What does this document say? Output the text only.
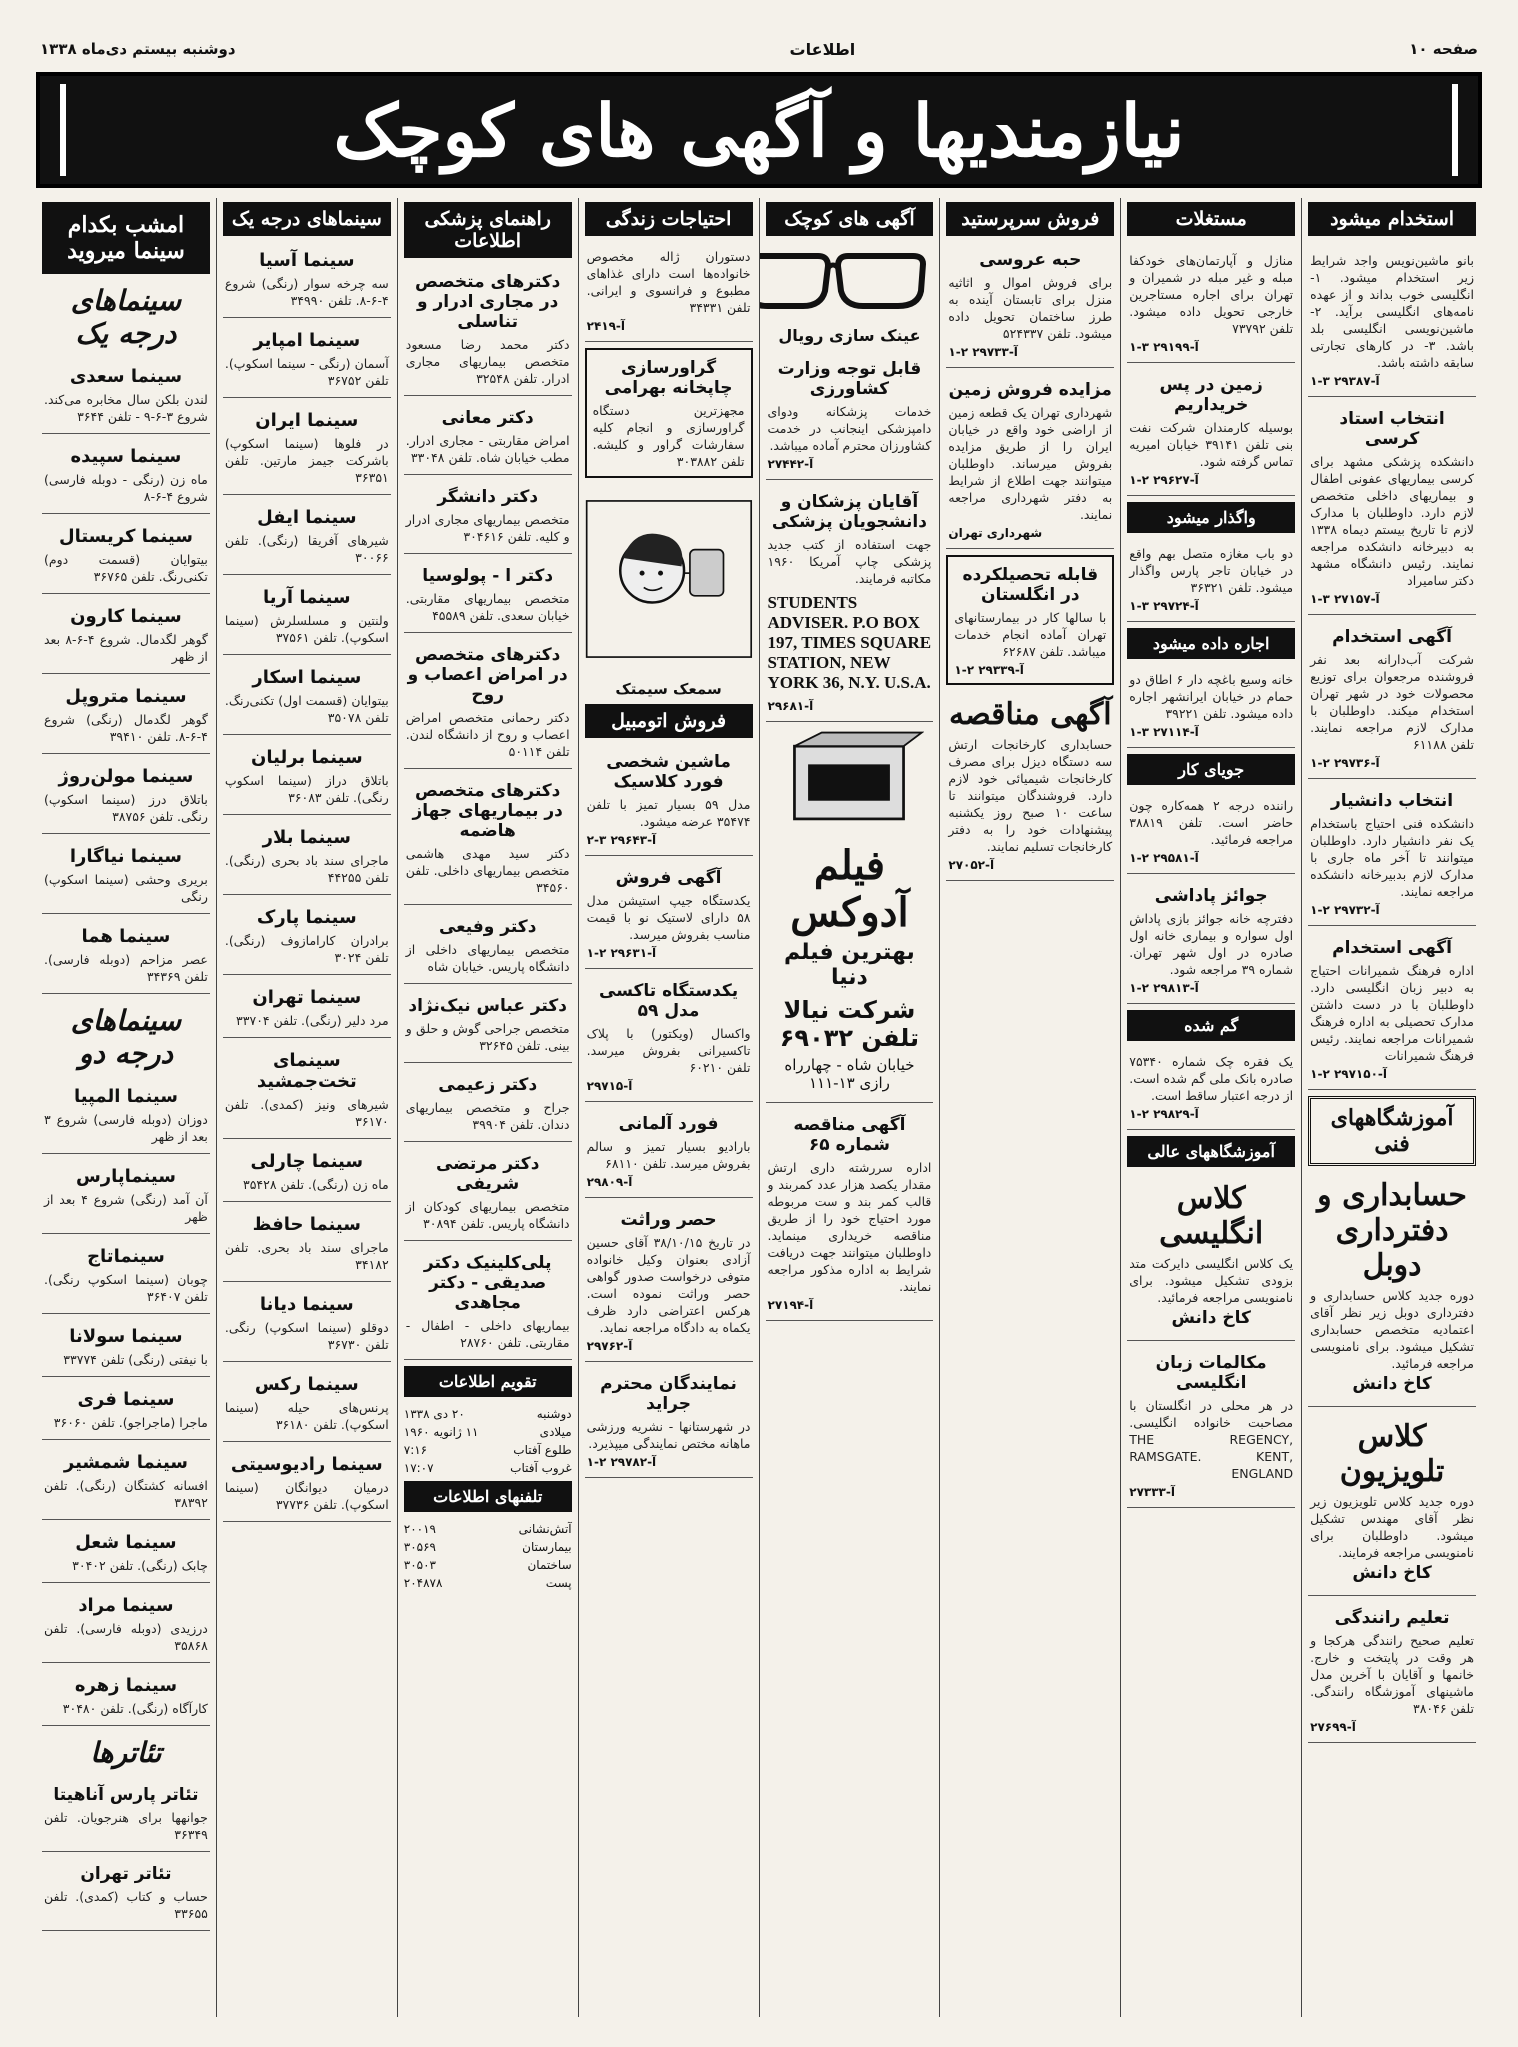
صفحه ۱۰
اطلاعات
دوشنبه بیستم دی‌ماه ۱۳۳۸
نیازمندیها و آگهی های کوچک
استخدام میشود

بانو ماشین‌نویس واجد شرایط زیر استخدام میشود. ۱- انگلیسی خوب بداند و از عهده نامه‌های انگلیسی برآید. ۲- ماشین‌نویسی انگلیسی بلد باشد. ۳- در کارهای تجارتی سابقه داشته باشد.

آ-۲۹۳۸۷ ۳-۱
انتخاب استاد کرسی

دانشکده پزشکی مشهد برای کرسی بیماریهای عفونی اطفال و بیماریهای داخلی متخصص لازم دارد. داوطلبان با مدارک لازم تا تاریخ بیستم دیماه ۱۳۳۸ به دبیرخانه دانشکده مراجعه نمایند. رئیس دانشگاه مشهد دکتر سامیراد

آ-۲۷۱۵۷ ۳-۱
آگهی استخدام

شرکت آب‌دارانه بعد نفر فروشنده مرجعوان برای توزیع محصولات خود در شهر تهران استخدام میکند. داوطلبان با مدارک لازم مراجعه نمایند. تلفن ۶۱۱۸۸

آ-۲۹۷۳۶ ۲-۱
انتخاب دانشیار

دانشکده فنی احتیاج باستخدام یک نفر دانشیار دارد. داوطلبان میتوانند تا آخر ماه جاری با مدارک لازم بدبیرخانه دانشکده مراجعه نمایند.

آ-۲۹۷۳۲ ۲-۱
آگهی استخدام

اداره فرهنگ شمیرانات احتیاج به دبیر زبان انگلیسی دارد. داوطلبان با در دست داشتن مدارک تحصیلی به اداره فرهنگ شمیرانات مراجعه نمایند. رئیس فرهنگ شمیرانات

آ-۲۹۷۱۵۰ ۲-۱
آموزشگاههای فنی
حسابداری و دفترداری دوبل

دوره جدید کلاس حسابداری و دفترداری دوبل زیر نظر آقای اعتمادیه متخصص حسابداری تشکیل میشود. برای نامنویسی مراجعه فرمائید.

کاخ دانش
کلاس تلویزیون

دوره جدید کلاس تلویزیون زیر نظر آقای مهندس تشکیل میشود. داوطلبان برای نامنویسی مراجعه فرمایند.

کاخ دانش
تعلیم رانندگی

تعلیم صحیح رانندگی هرکجا و هر وقت در پایتخت و خارج. خانمها و آقایان با آخرین مدل ماشینهای آموزشگاه رانندگی. تلفن ۳۸۰۴۶

آ-۲۷۶۹۹
مستغلات

منازل و آپارتمان‌های خودکفا مبله و غیر مبله در شمیران و تهران برای اجاره مستاجرین خارجی تحویل داده میشود. تلفن ۷۳۷۹۲

آ-۲۹۱۹۹ ۳-۱
زمین در پس خریداریم

بوسیله کارمندان شرکت نفت بنی تلفن ۳۹۱۴۱ خیابان امیریه تماس گرفته شود.

آ-۲۹۶۲۷ ۲-۱
واگذار میشود

دو باب مغازه متصل بهم واقع در خیابان تاجر پارس واگذار میشود. تلفن ۳۶۳۲۱

آ-۲۹۷۲۴ ۳-۱
اجاره داده میشود

خانه وسیع باغچه دار ۶ اطاق دو حمام در خیابان ایرانشهر اجاره داده میشود. تلفن ۳۹۲۲۱

آ-۲۷۱۱۴ ۳-۱
جویای کار

راننده درجه ۲ همه‌کاره چون حاضر است. تلفن ۳۸۸۱۹ مراجعه فرمائید.

آ-۲۹۵۸۱ ۲-۱
جوائز پاداشی

دفترچه خانه جوائز بازی پاداش اول سواره و بیماری خانه اول صادره در اول شهر تهران. شماره ۳۹ مراجعه شود.

آ-۲۹۸۱۳ ۲-۱
گم شده

یک فقره چک شماره ۷۵۳۴۰ صادره بانک ملی گم شده است. از درجه اعتبار ساقط است.

آ-۲۹۸۲۹ ۲-۱
آموزشگاههای عالی
کلاس انگلیسی

یک کلاس انگلیسی دایرکت متد بزودی تشکیل میشود. برای نامنویسی مراجعه فرمائید.

کاخ دانش
مکالمات زبان انگلیسی

در هر محلی در انگلستان با مصاحبت خانواده انگلیسی. THE REGENCY, RAMSGATE. KENT, ENGLAND

آ-۲۷۳۳۳
فروش سرپرستید
حبه عروسی

برای فروش اموال و اثاثیه منزل برای تابستان آینده به طرز ساختمان تحویل داده میشود. تلفن ۵۲۴۳۳۷

آ-۲۹۷۳۳ ۲-۱
مزایده فروش زمین

شهرداری تهران یک قطعه زمین از اراضی خود واقع در خیابان ایران را از طریق مزایده بفروش میرساند. داوطلبان میتوانند جهت اطلاع از شرایط به دفتر شهرداری مراجعه نمایند.

شهرداری تهران
قابله تحصیلکرده در انگلستان

با سالها کار در بیمارستانهای تهران آماده انجام خدمات میباشد. تلفن ۶۲۶۸۷

آ-۲۹۳۳۹ ۲-۱
آگهی مناقصه

حسابداری کارخانجات ارتش سه دستگاه دیزل برای مصرف کارخانجات شیمیائی خود لازم دارد. فروشندگان میتوانند تا ساعت ۱۰ صبح روز یکشنبه پیشنهادات خود را به دفتر کارخانجات تسلیم نمایند.

آ-۲۷۰۵۲
آگهی های کوچک
عینک سازی رویال
قابل توجه وزارت کشاورزی

خدمات پزشکانه ودوای دامپزشکی اینجانب در خدمت کشاورزان محترم آماده میباشد.

آ-۲۷۴۴۲
آقایان پزشکان و دانشجویان پزشکی

جهت استفاده از کتب جدید پزشکی چاپ آمریکا ۱۹۶۰ مکاتبه فرمایند.

STUDENTS ADVISER. P.O BOX 197, TIMES SQUARE STATION, NEW YORK 36, N.Y. U.S.A.
آ-۲۹۶۸۱
فیلم آدوکس
بهترین فیلم دنیا
شرکت نیالا تلفن ۶۹۰۳۲
خیابان شاه - چهارراه رازی ۱۳-۱۱۱
آگهی مناقصه شماره ۶۵

اداره سررشته داری ارتش مقدار یکصد هزار عدد کمربند و قالب کمر بند و ست مربوطه مورد احتیاج خود را از طریق مناقصه خریداری مینماید. داوطلبان میتوانند جهت دریافت شرایط به اداره مذکور مراجعه نمایند.

آ-۲۷۱۹۴
احتیاجات زندگی

دستوران ژاله مخصوص خانواده‌ها است دارای غذاهای مطبوع و فرانسوی و ایرانی. تلفن ۳۴۳۳۱

آ-۲۴۱۹
گراورسازی چاپخانه بهرامی

مجهزترین دستگاه گراورسازی و انجام کلیه سفارشات گراور و کلیشه. تلفن ۳۰۳۸۸۲

سمعک سیمتک
فروش اتومبیل
ماشین شخصی فورد کلاسیک

مدل ۵۹ بسیار تمیز با تلفن ۳۵۴۷۴ عرضه میشود.

آ-۲۹۶۴۳ ۳-۲
آگهی فروش

یکدستگاه جیپ استیشن مدل ۵۸ دارای لاستیک نو با قیمت مناسب بفروش میرسد.

آ-۲۹۶۳۱ ۲-۱
یکدستگاه تاکسی مدل ۵۹

واکسال (ویکتور) با پلاک تاکسیرانی بفروش میرسد. تلفن ۶۰۲۱۰

آ-۲۹۷۱۵
فورد آلمانی

بارادیو بسیار تمیز و سالم بفروش میرسد. تلفن ۶۸۱۱۰

آ-۲۹۸۰۹
حصر وراثت

در تاریخ ۳۸/۱۰/۱۵ آقای حسین آزادی بعنوان وکیل خانواده متوفی درخواست صدور گواهی حصر وراثت نموده است. هرکس اعتراضی دارد ظرف یکماه به دادگاه مراجعه نماید.

آ-۲۹۷۶۲
نمایندگان محترم جراید

در شهرستانها - نشریه ورزشی ماهانه مختص نمایندگی میپذیرد.

آ-۲۹۷۸۲ ۲-۱
راهنمای پزشکی اطلاعات
دکترهای متخصص در مجاری ادرار و تناسلی

دکتر محمد رضا مسعود متخصص بیماریهای مجاری ادرار. تلفن ۳۲۵۴۸

دکتر معانی

امراض مقاربتی - مجاری ادرار. مطب خیابان شاه. تلفن ۳۳۰۴۸

دکتر دانشگر

متخصص بیماریهای مجاری ادرار و کلیه. تلفن ۳۰۴۶۱۶

دکتر ا - پولوسیا

متخصص بیماریهای مقاربتی. خیابان سعدی. تلفن ۴۵۵۸۹

دکترهای متخصص در امراض اعصاب و روح

دکتر رحمانی متخصص امراض اعصاب و روح از دانشگاه لندن. تلفن ۵۰۱۱۴

دکترهای متخصص در بیماریهای جهاز هاضمه

دکتر سید مهدی هاشمی متخصص بیماریهای داخلی. تلفن ۳۴۵۶۰

دکتر وفیعی

متخصص بیماریهای داخلی از دانشگاه پاریس. خیابان شاه

دکتر عباس نیک‌نژاد

متخصص جراحی گوش و حلق و بینی. تلفن ۳۲۶۴۵

دکتر زعیمی

جراح و متخصص بیماریهای دندان. تلفن ۳۹۹۰۴

دکتر مرتضی شریفی

متخصص بیماریهای کودکان از دانشگاه پاریس. تلفن ۳۰۸۹۴

پلی‌کلینیک دکتر صدیقی - دکتر مجاهدی

بیماریهای داخلی - اطفال - مقاربتی. تلفن ۲۸۷۶۰

تقویم اطلاعات
دوشنبه
۲۰ دی ۱۳۳۸
میلادی
۱۱ ژانویه ۱۹۶۰
طلوع آفتاب
۷:۱۶
غروب آفتاب
۱۷:۰۷
تلفنهای اطلاعات
آتش‌نشانی
۲۰۰۱۹
بیمارستان
۳۰۵۶۹
ساختمان
۳۰۵۰۳
پست
۲۰۴۸۷۸
سینماهای درجه یک
سینما آسیا

سه چرخه سوار (رنگی) شروع ۴-۶-۸. تلفن ۳۴۹۹۰

سینما امپایر

آسمان (رنگی - سینما اسکوپ). تلفن ۳۶۷۵۲

سینما ایران

در فلوها (سینما اسکوپ) باشرکت جیمز مارتین. تلفن ۳۶۳۵۱

سینما ایفل

شیرهای آفریقا (رنگی). تلفن ۳۰۰۶۶

سینما آریا

ولنتین و مسلسلرش (سینما اسکوپ). تلفن ۳۷۵۶۱

سینما اسکار

بیتوایان (قسمت اول) تکنی‌رنگ. تلفن ۳۵۰۷۸

سینما برلیان

باتلاق دراز (سینما اسکوپ رنگی). تلفن ۳۶۰۸۳

سینما بلار

ماجرای سند باد بحری (رنگی). تلفن ۴۴۲۵۵

سینما پارک

برادران کارامازوف (رنگی). تلفن ۳۰۲۴

سینما تهران

مرد دلیر (رنگی). تلفن ۳۳۷۰۴

سینمای تخت‌جمشید

شیرهای ونیز (کمدی). تلفن ۳۶۱۷۰

سینما چارلی

ماه زن (رنگی). تلفن ۳۵۴۲۸

سینما حافظ

ماجرای سند باد بحری. تلفن ۳۴۱۸۲

سینما دیانا

دوقلو (سینما اسکوپ) رنگی. تلفن ۳۶۷۳۰

سینما رکس

پرنس‌های حیله (سینما اسکوپ). تلفن ۳۶۱۸۰

سینما رادیوسیتی

درمیان دیوانگان (سینما اسکوپ). تلفن ۳۷۷۳۶

امشب بکدام سینما میروید
سینماهای درجه یک
سینما سعدی

لندن بلکن سال مخابره می‌کند. شروع ۳-۶-۹ - تلفن ۳۶۴۴

سینما سپیده

ماه زن (رنگی - دوبله فارسی) شروع ۴-۶-۸

سینما کریستال

بیتوایان (قسمت دوم) تکنی‌رنگ. تلفن ۳۶۷۶۵

سینما کارون

گوهر لگدمال. شروع ۴-۶-۸ بعد از ظهر

سینما متروپل

گوهر لگدمال (رنگی) شروع ۴-۶-۸. تلفن ۳۹۴۱۰

سینما مولن‌روژ

باتلاق درز (سینما اسکوپ) رنگی. تلفن ۳۸۷۵۶

سینما نیاگارا

بریری وحشی (سینما اسکوپ) رنگی

سینما هما

عصر مزاحم (دوبله فارسی). تلفن ۳۴۳۶۹

سینماهای درجه دو
سینما المپیا

دوزان (دوبله فارسی) شروع ۳ بعد از ظهر

سینماپارس

آن آمد (رنگی) شروع ۴ بعد از ظهر

سینماتاج

چوبان (سینما اسکوپ رنگی). تلفن ۳۶۴۰۷

سینما سولانا

با نیفتی (رنگی) تلفن ۳۳۷۷۴

سینما فری

ماجرا (ماجراجو). تلفن ۳۶۰۶۰

سینما شمشیر

افسانه کشتگان (رنگی). تلفن ۳۸۳۹۲

سینما شعل

چابک (رنگی). تلفن ۳۰۴۰۲

سینما مراد

درزیدی (دوبله فارسی). تلفن ۳۵۸۶۸

سینما زهره

کارآگاه (رنگی). تلفن ۳۰۴۸۰

تئاترها
تئاتر پارس آناهیتا

جوانهها برای هنرجویان. تلفن ۳۶۳۴۹

تئاتر تهران

حساب و کتاب (کمدی). تلفن ۳۳۶۵۵
